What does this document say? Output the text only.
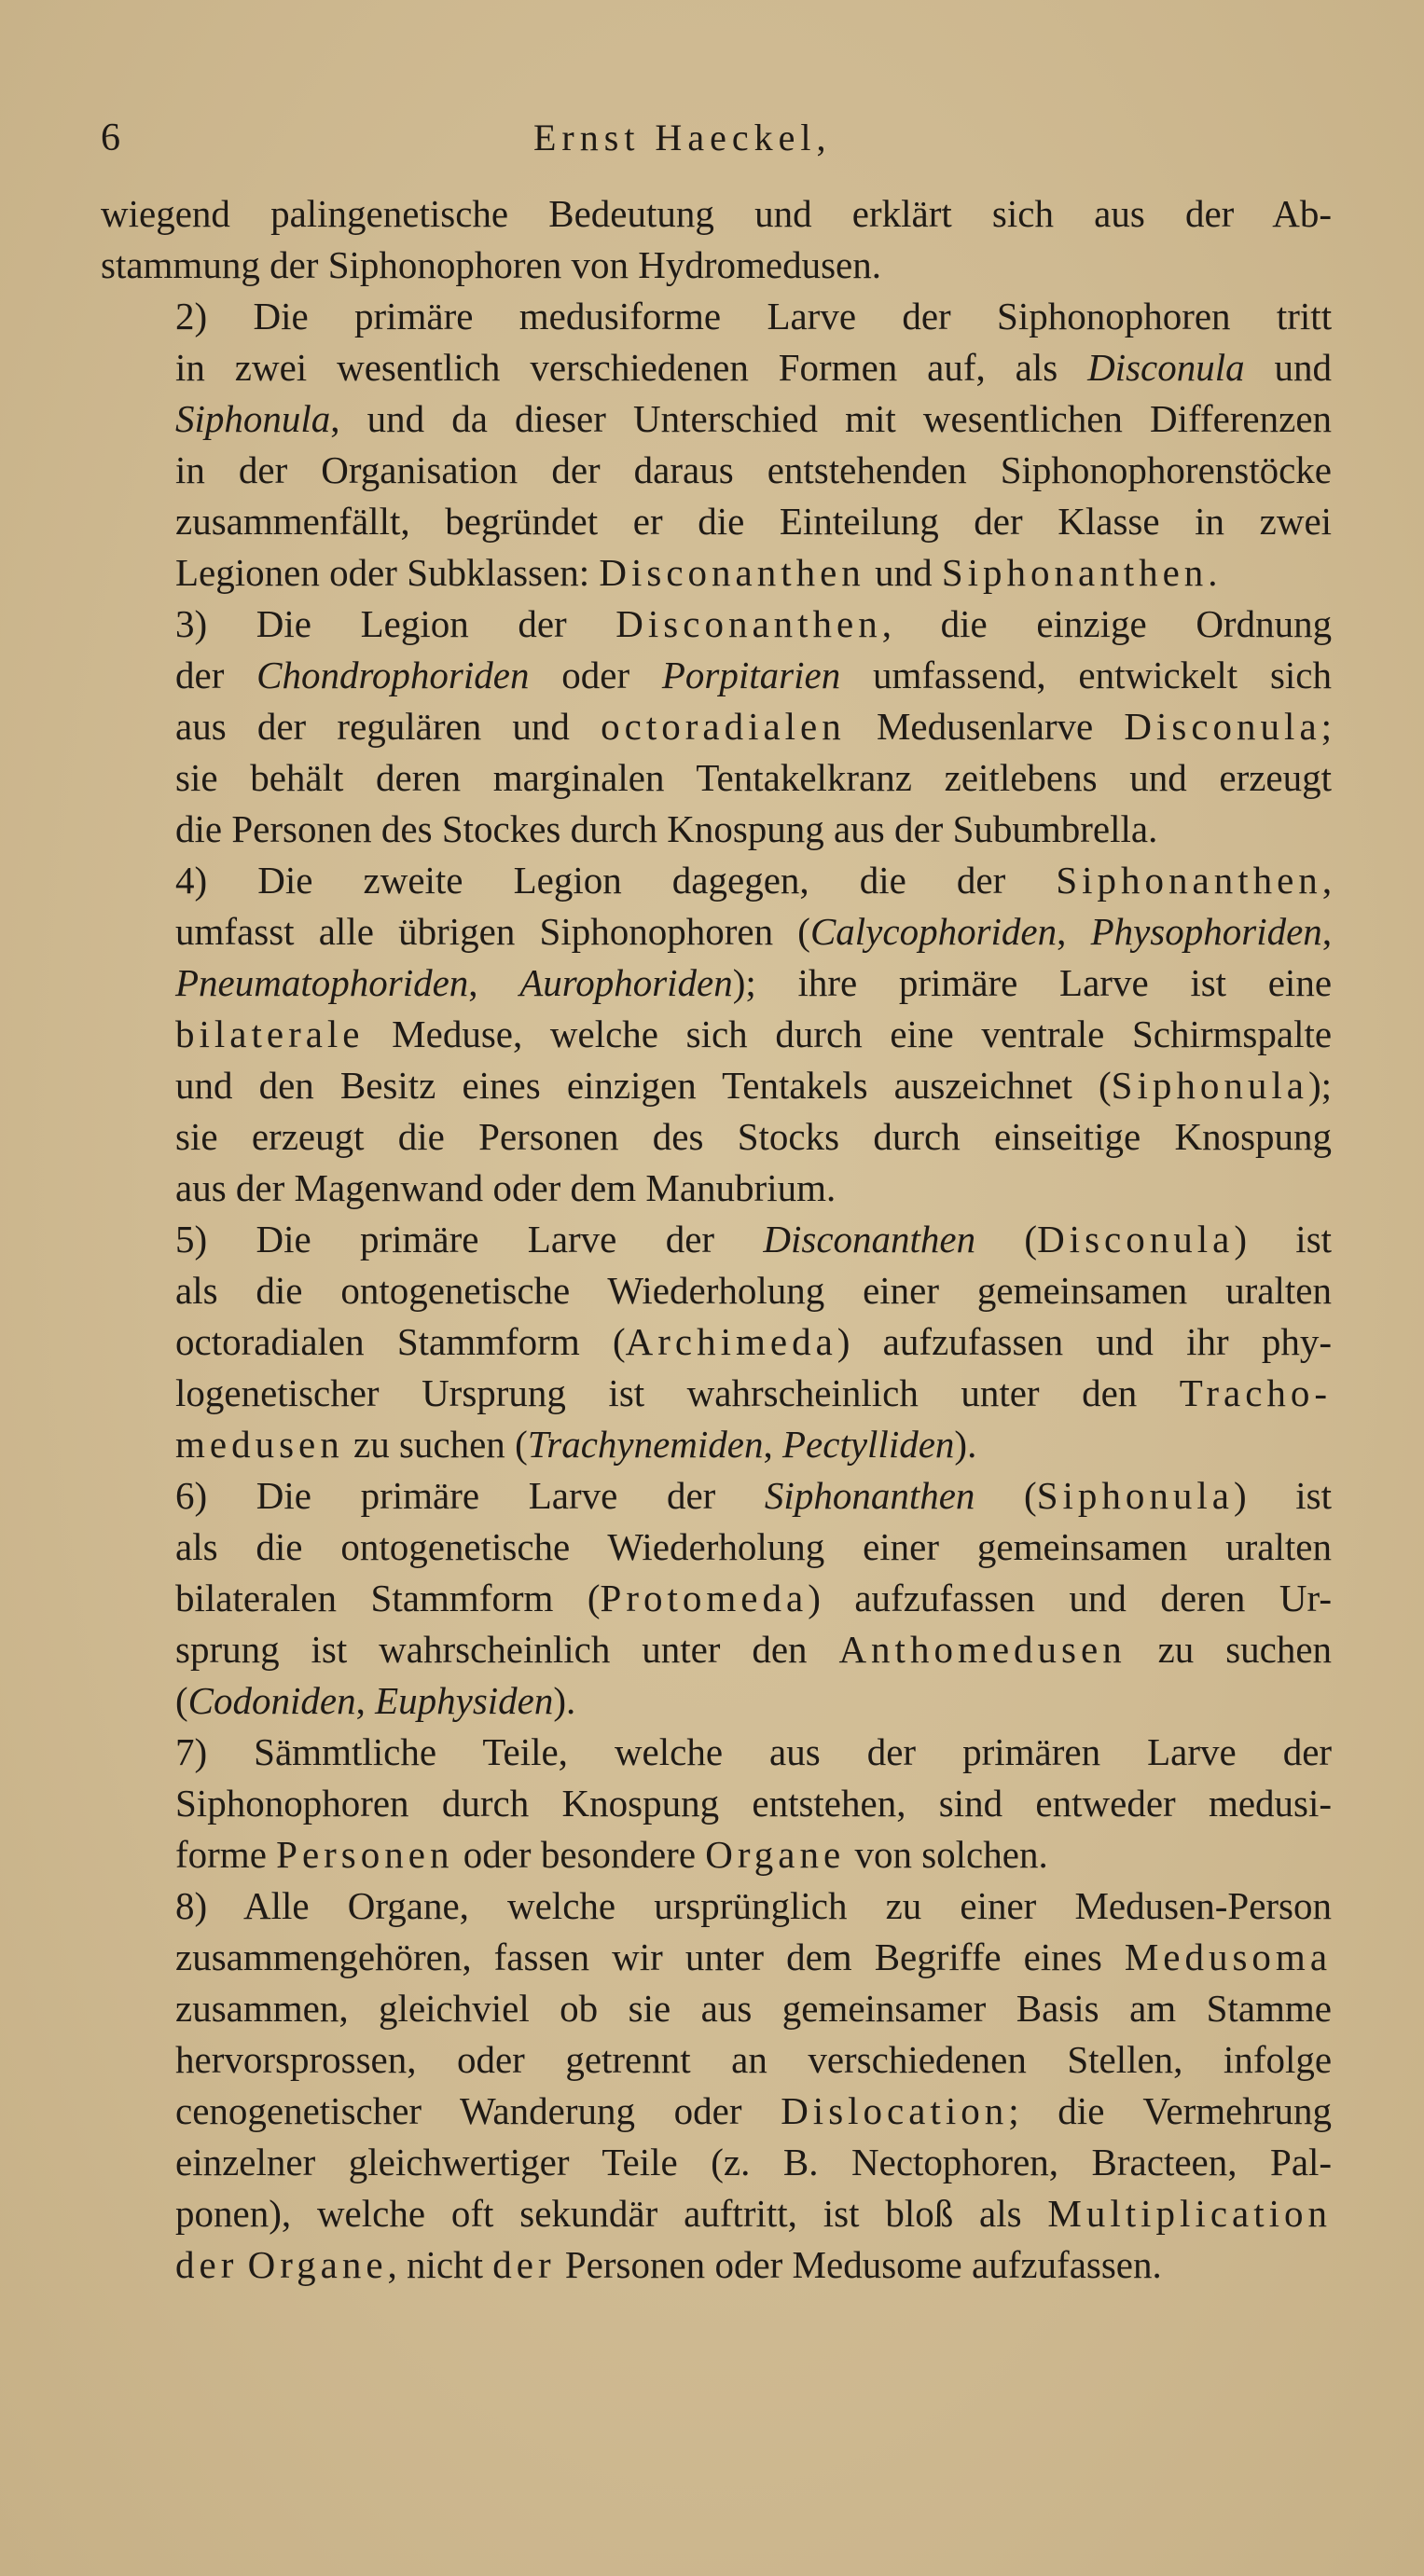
6	Ernst Haeckel,
wiegend palingenetische Bedeutung und erklärt sich aus der Ab-
stammung der Siphonophoren von Hydromedusen.
2) Die primäre medusiforme Larve der Siphonophoren tritt
in zwei wesentlich verschiedenen Formen auf, als Disconula und
Siphonula, und da dieser Unterschied mit wesentlichen Differenzen
in der Organisation der daraus entstehenden Siphonophorenstöcke
zusammenfällt, begründet er die Einteilung der Klasse in zwei
Legionen oder Subklassen: Disconanthen und Siphonanthen.
3) Die Legion der Disconanthen, die einzige Ordnung
der Chondrophoriden oder Porpitarien umfassend, entwickelt sich
aus der regulären und octoradialen Medusenlarve Disconula;
sie behält deren marginalen Tentakelkranz zeitlebens und erzeugt
die Personen des Stockes durch Knospung aus der Subumbrella.
4) Die zweite Legion dagegen, die der Siphonanthen,
umfasst alle übrigen Siphonophoren (Calycophoriden, Physophoriden,
Pneumatophoriden, Aurophoriden); ihre primäre Larve ist eine
bilaterale Meduse, welche sich durch eine ventrale Schirmspalte
und den Besitz eines einzigen Tentakels auszeichnet (Siphonula);
sie erzeugt die Personen des Stocks durch einseitige Knospung
aus der Magenwand oder dem Manubrium.
5) Die primäre Larve der Disconanthen (Disconula) ist
als die ontogenetische Wiederholung einer gemeinsamen uralten
octoradialen Stammform (Archimeda) aufzufassen und ihr phy-
logenetischer Ursprung ist wahrscheinlich unter den Tracho-
medusen zu suchen (Trachynemiden, Pectylliden).
6) Die primäre Larve der Siphonanthen (Siphonula) ist
als die ontogenetische Wiederholung einer gemeinsamen uralten
bilateralen Stammform (Protomeda) aufzufassen und deren Ur-
sprung ist wahrscheinlich unter den Anthomedusen zu suchen
(Codoniden, Euphysiden).
7) Sämmtliche Teile, welche aus der primären Larve der
Siphonophoren durch Knospung entstehen, sind entweder medusi-
forme Personen oder besondere Organe von solchen.
8) Alle Organe, welche ursprünglich zu einer Medusen-Person
zusammengehören, fassen wir unter dem Begriffe eines Medusoma
zusammen, gleichviel ob sie aus gemeinsamer Basis am Stamme
hervorsprossen, oder getrennt an verschiedenen Stellen, infolge
cenogenetischer Wanderung oder Dislocation; die Vermehrung
einzelner gleichwertiger Teile (z. B. Nectophoren, Bracteen, Pal-
ponen), welche oft sekundär auftritt, ist bloß als Multiplication
der Organe, nicht der Personen oder Medusome aufzufassen.
